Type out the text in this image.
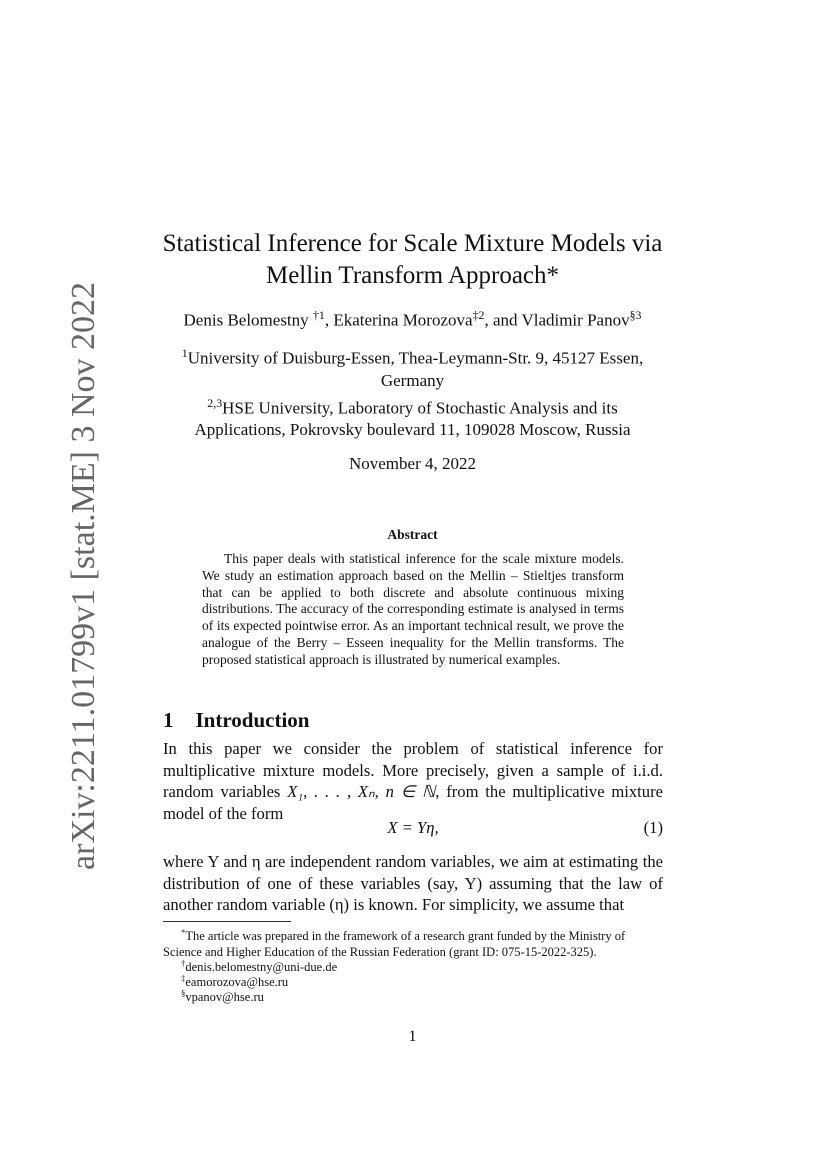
arXiv:2211.01799v1 [stat.ME] 3 Nov 2022
Statistical Inference for Scale Mixture Models via
Mellin Transform Approach*
Denis Belomestny $^{\dagger 1}$, Ekaterina Morozova$^{\ddagger 2}$, and Vladimir Panov$^{\S 3}$
$^1$University of Duisburg-Essen, Thea-Leymann-Str. 9, 45127 Essen,
Germany
$^{2,3}$HSE University, Laboratory of Stochastic Analysis and its
Applications, Pokrovsky boulevard 11, 109028 Moscow, Russia
November 4, 2022
Abstract
This paper deals with statistical inference for the scale mixture models. We study an estimation approach based on the Mellin – Stieltjes transform that can be applied to both discrete and absolute continuous mixing distributions. The accuracy of the corresponding estimate is analysed in terms of its expected pointwise error. As an important technical result, we prove the analogue of the Berry – Esseen inequality for the Mellin transforms. The proposed statistical approach is illustrated by numerical examples.
1 Introduction
In this paper we consider the problem of statistical inference for multiplicative mixture models. More precisely, given a sample of i.i.d. random variables X₁, . . . , Xₙ, n ∈ ℕ, from the multiplicative mixture model of the form
X = Yη,	(1)
where Y and η are independent random variables, we aim at estimating the distribution of one of these variables (say, Y) assuming that the law of another random variable (η) is known. For simplicity, we assume that
*The article was prepared in the framework of a research grant funded by the Ministry of Science and Higher Education of the Russian Federation (grant ID: 075-15-2022-325).
†denis.belomestny@uni-due.de
‡eamorozova@hse.ru
§vpanov@hse.ru
1
